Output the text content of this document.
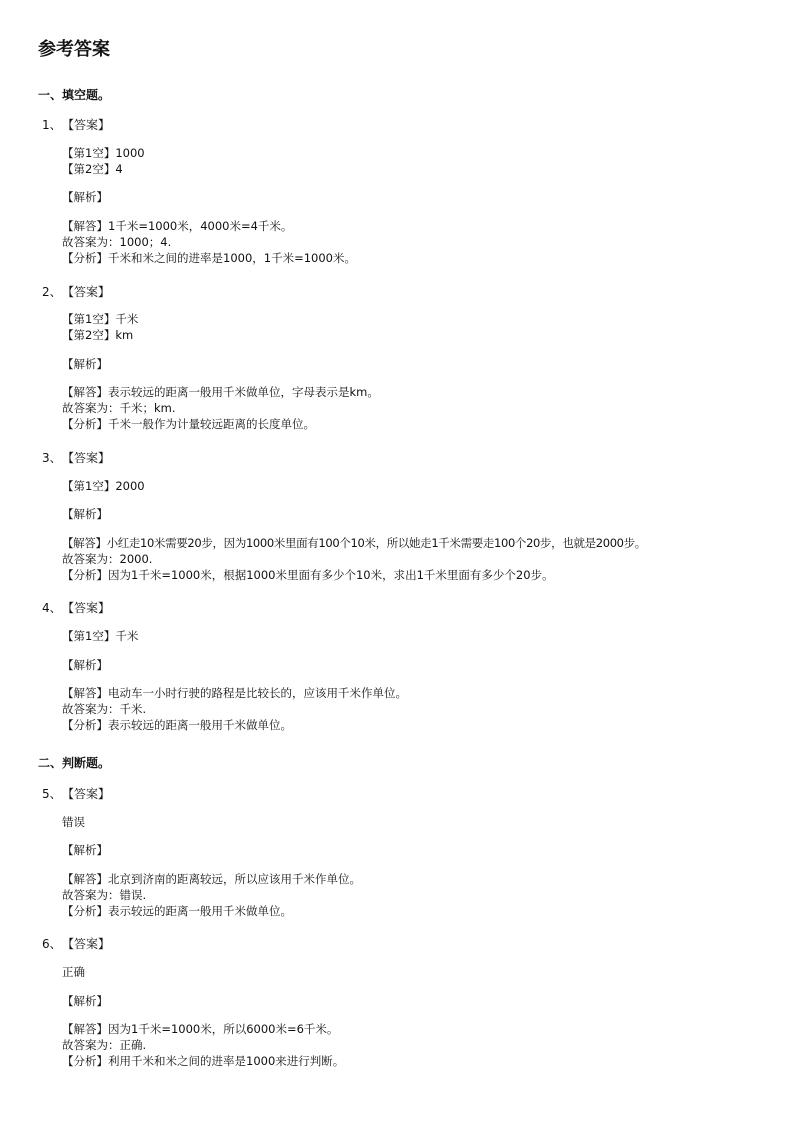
参考答案
一、填空题。
1、 【答案】
【第1空】1000
【第2空】4
【解析】
【解答】1千米=1000米，4000米=4千米。
故答案为：1000；4.
【分析】千米和米之间的进率是1000，1千米=1000米。
2、 【答案】
【第1空】千米
【第2空】km
【解析】
【解答】表示较远的距离一般用千米做单位，字母表示是km。
故答案为：千米；km.
【分析】千米一般作为计量较远距离的长度单位。
3、 【答案】
【第1空】2000
【解析】
【解答】小红走10米需要20步，因为1000米里面有100个10米，所以她走1千米需要走100个20步，也就是2000步。
故答案为：2000.
【分析】因为1千米=1000米，根据1000米里面有多少个10米，求出1千米里面有多少个20步。
4、 【答案】
【第1空】千米
【解析】
【解答】电动车一小时行驶的路程是比较长的，应该用千米作单位。
故答案为：千米.
【分析】表示较远的距离一般用千米做单位。
二、判断题。
5、 【答案】
错误
【解析】
【解答】北京到济南的距离较远，所以应该用千米作单位。
故答案为：错误.
【分析】表示较远的距离一般用千米做单位。
6、 【答案】
正确
【解析】
【解答】因为1千米=1000米，所以6000米=6千米。
故答案为：正确.
【分析】利用千米和米之间的进率是1000来进行判断。
